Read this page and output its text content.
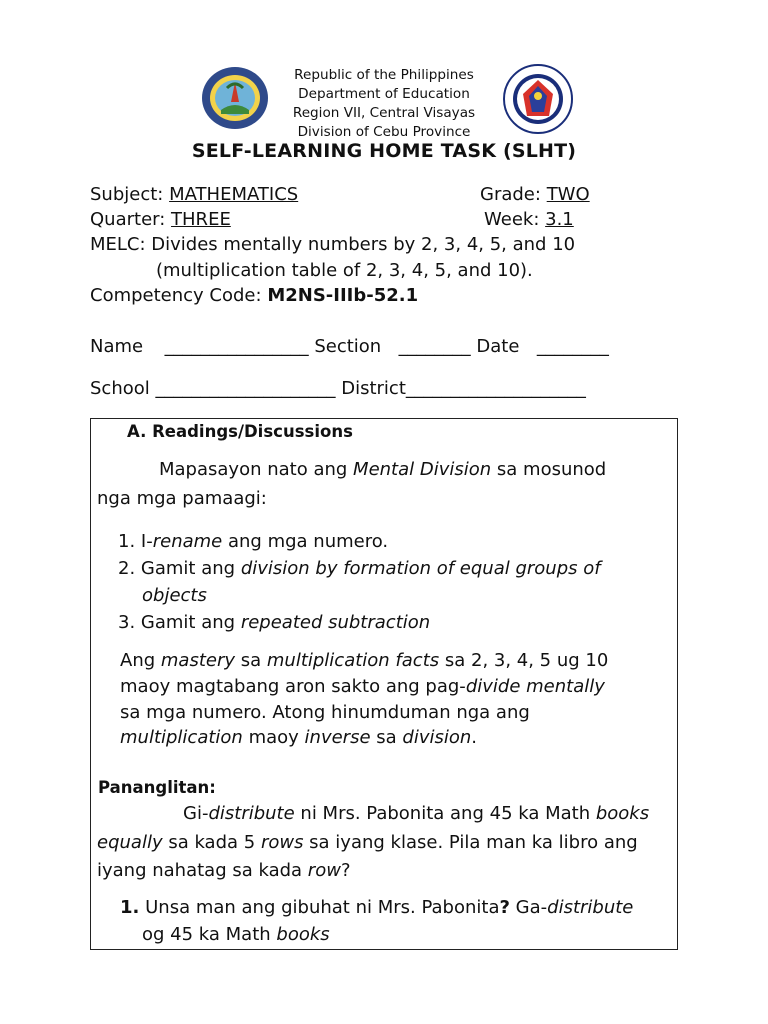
Republic of the Philippines
Department of Education
Region VII, Central Visayas
Division of Cebu Province
SELF-LEARNING HOME TASK (SLHT)
Subject: MATHEMATICS	Grade: TWO
Quarter: THREE	Week: 3.1
MELC: Divides mentally numbers by 2, 3, 4, 5, and 10
(multiplication table of 2, 3, 4, 5, and 10).
Competency Code: M2NS-IIIb-52.1
Name ________________ Section ________ Date ________
School ____________________ District____________________
A. Readings/Discussions
Mapasayon nato ang Mental Division sa mosunod
nga mga pamaagi:
1. I-rename ang mga numero.
2. Gamit ang division by formation of equal groups of
objects
3. Gamit ang repeated subtraction
Ang mastery sa multiplication facts sa 2, 3, 4, 5 ug 10
maoy magtabang aron sakto ang pag-divide mentally
sa mga numero. Atong hinumduman nga ang
multiplication maoy inverse sa division.
Pananglitan:
Gi-distribute ni Mrs. Pabonita ang 45 ka Math books
equally sa kada 5 rows sa iyang klase. Pila man ka libro ang
iyang nahatag sa kada row?
1. Unsa man ang gibuhat ni Mrs. Pabonita? Ga-distribute
og 45 ka Math books
